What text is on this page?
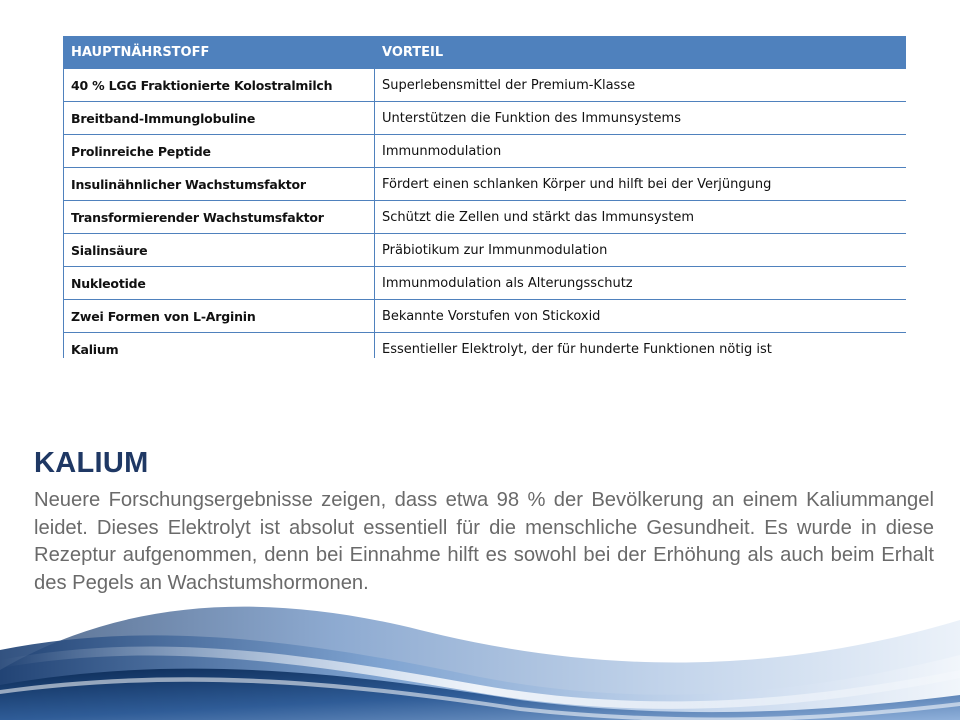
HAUPTNÄHRSTOFF	VORTEIL
40 % LGG Fraktionierte Kolostralmilch	Superlebensmittel der Premium-Klasse
Breitband-Immunglobuline	Unterstützen die Funktion des Immunsystems
Prolinreiche Peptide	Immunmodulation
Insulinähnlicher Wachstumsfaktor	Fördert einen schlanken Körper und hilft bei der Verjüngung
Transformierender Wachstumsfaktor	Schützt die Zellen und stärkt das Immunsystem
Sialinsäure	Präbiotikum zur Immunmodulation
Nukleotide	Immunmodulation als Alterungsschutz
Zwei Formen von L-Arginin	Bekannte Vorstufen von Stickoxid
Kalium	Essentieller Elektrolyt, der für hunderte Funktionen nötig ist
KALIUM

Neuere Forschungsergebnisse zeigen, dass etwa 98 % der Bevölkerung an einem Kaliummangel leidet. Dieses Elektrolyt ist absolut essentiell für die menschliche Gesundheit. Es wurde in diese Rezeptur aufgenommen, denn bei Einnahme hilft es sowohl bei der Erhöhung als auch beim Erhalt des Pegels an Wachstumshormonen.
